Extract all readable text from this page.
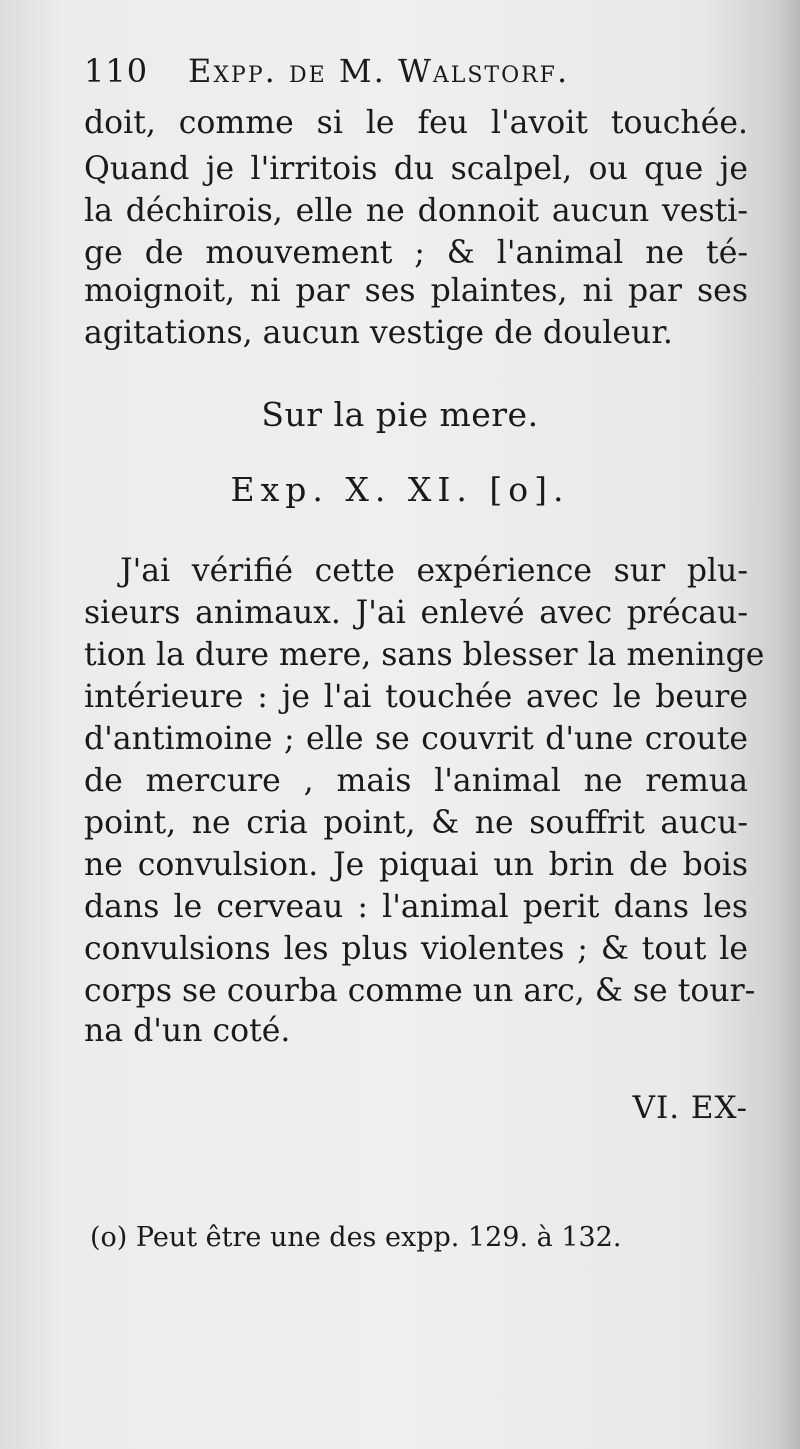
110 Expp. de M. Walstorf.
doit, comme si le feu l'avoit touchée.
Quand je l'irritois du scalpel, ou que je
la déchirois, elle ne donnoit aucun vesti-
ge de mouvement ; & l'animal ne té-
moignoit, ni par ses plaintes, ni par ses
agitations, aucun vestige de douleur.
Sur la pie mere.
Exp. X. XI. [o].
J'ai vérifié cette expérience sur plu-
sieurs animaux. J'ai enlevé avec précau-
tion la dure mere, sans blesser la meninge
intérieure : je l'ai touchée avec le beure
d'antimoine ; elle se couvrit d'une croute
de mercure , mais l'animal ne remua
point, ne cria point, & ne souffrit aucu-
ne convulsion. Je piquai un brin de bois
dans le cerveau : l'animal perit dans les
convulsions les plus violentes ; & tout le
corps se courba comme un arc, & se tour-
na d'un coté.
VI. EX-
(o) Peut être une des expp. 129. à 132.
